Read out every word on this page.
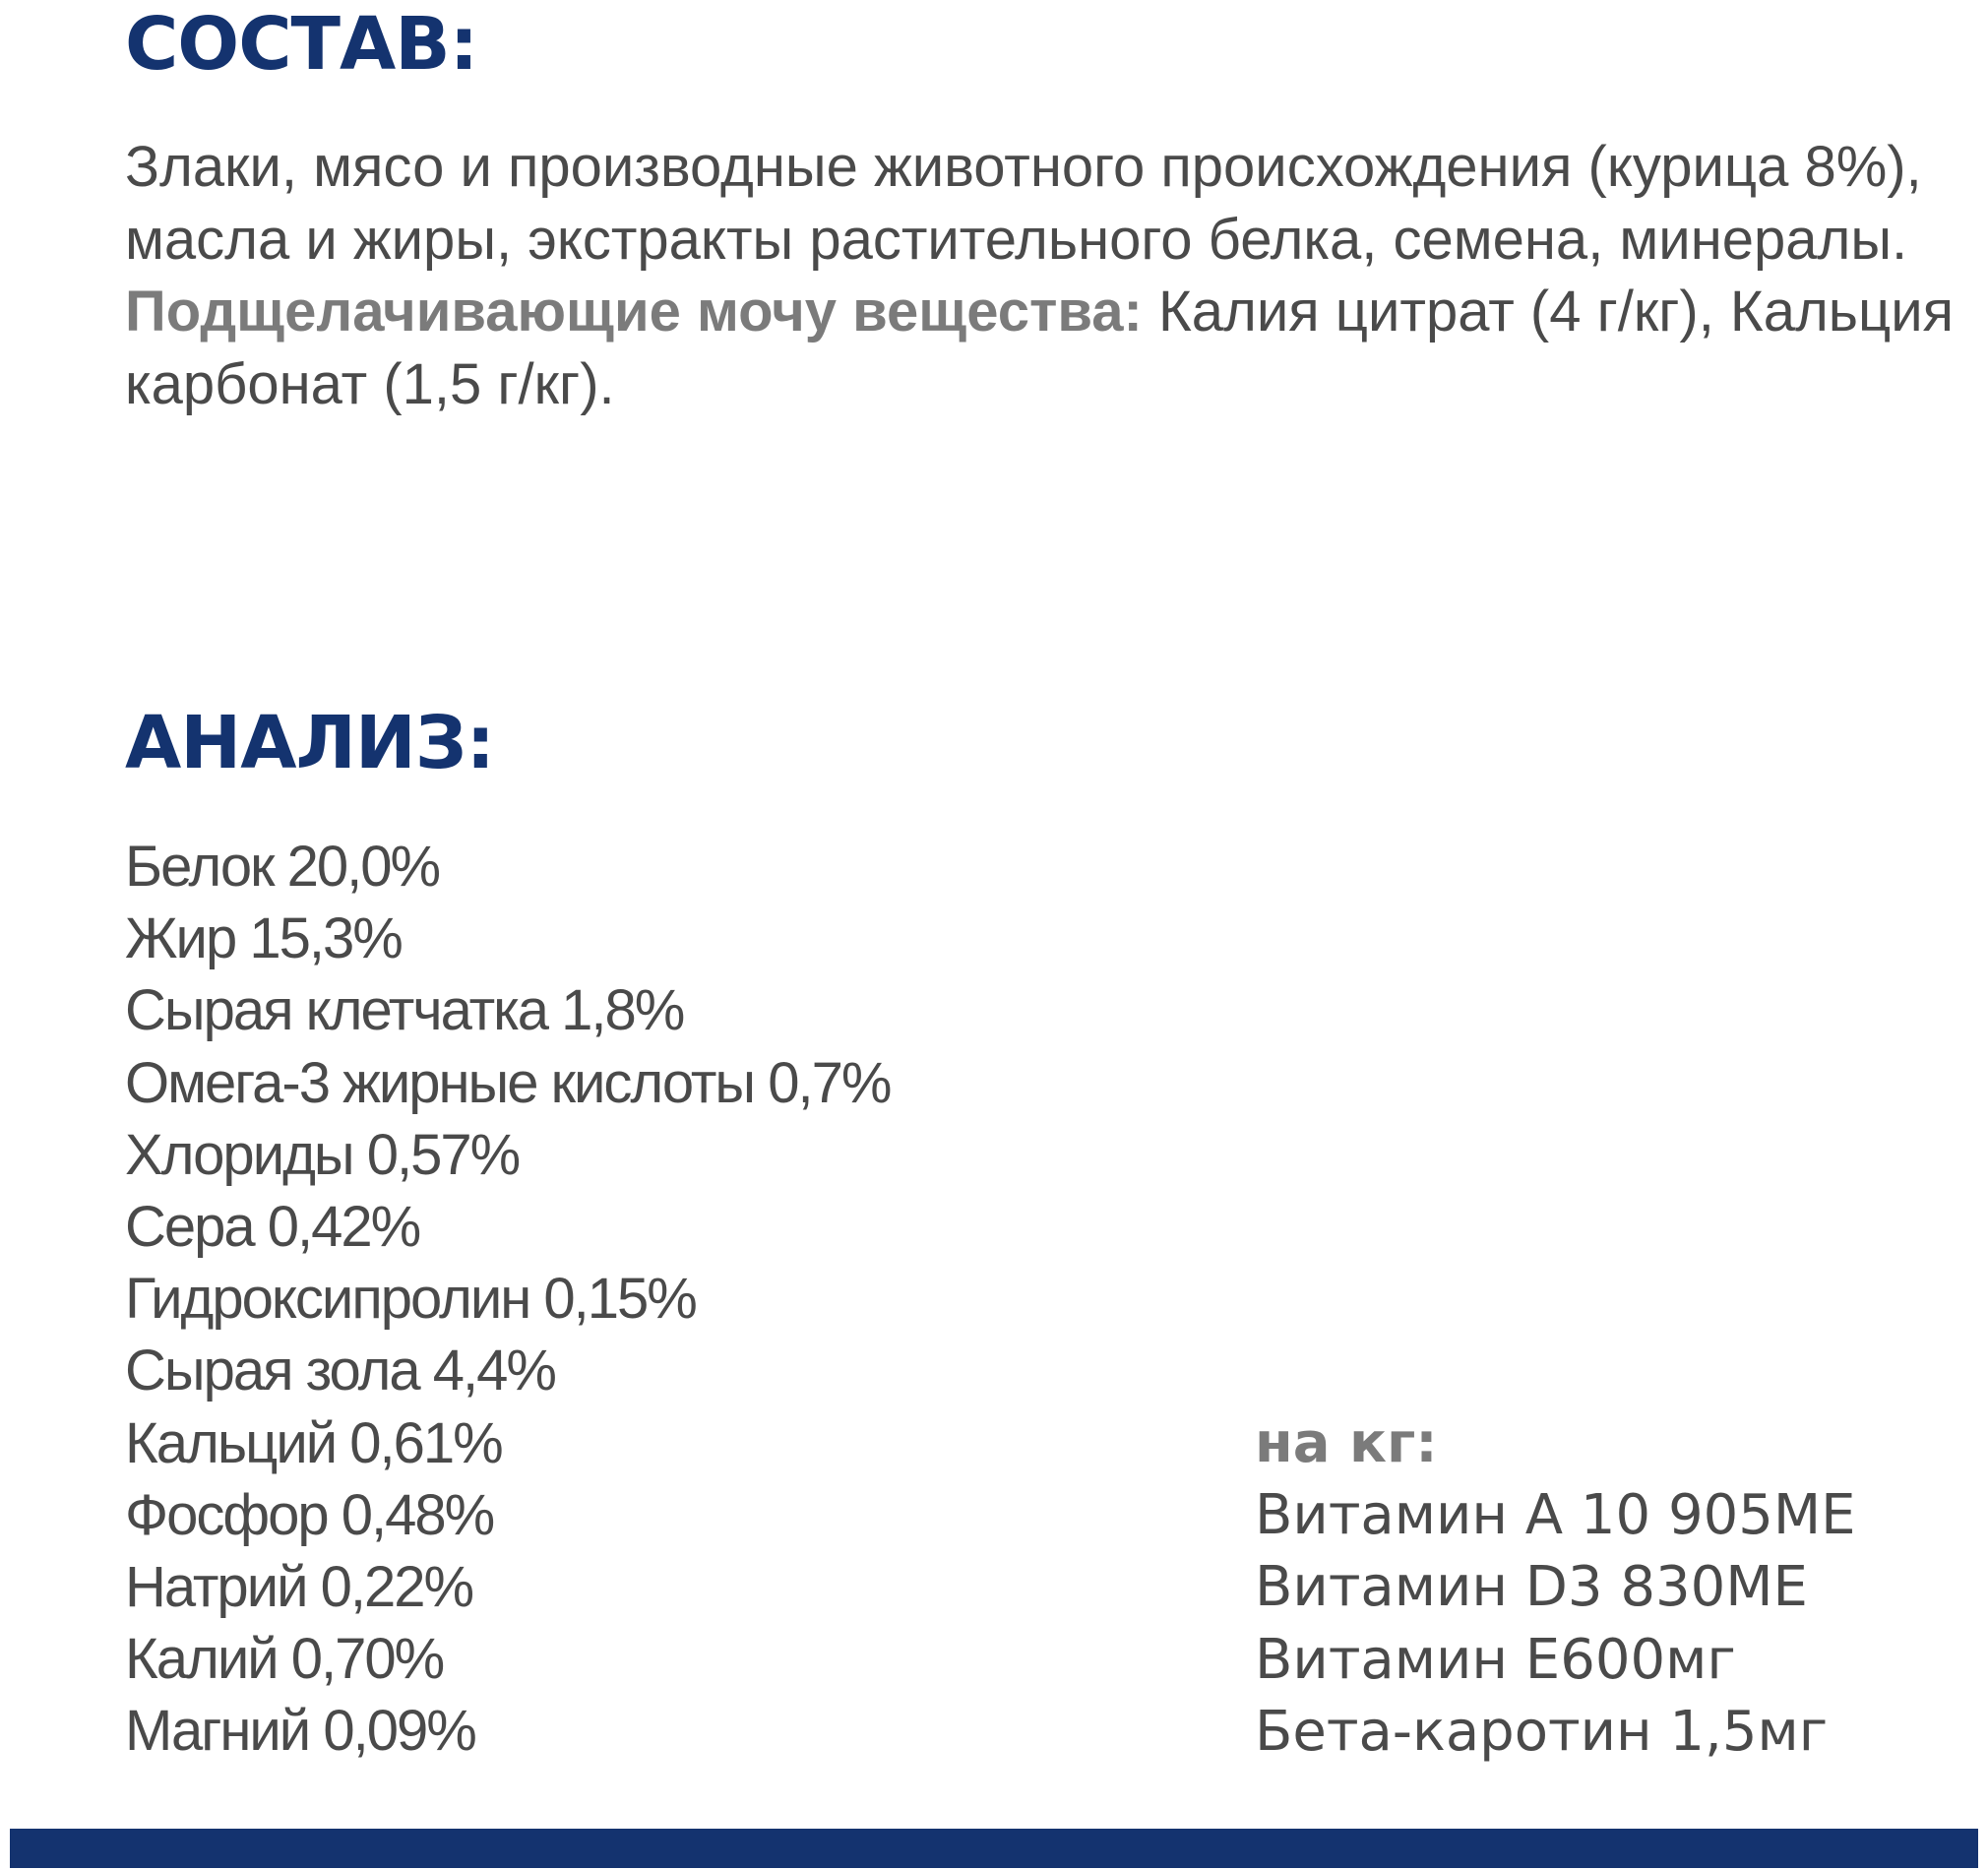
СОСТАВ:

Злаки, мясо и производные животного происхождения (курица 8%), масла и жиры, экстракты растительного белка, семена, минералы.
Подщелачивающие мочу вещества: Калия цитрат (4 г/кг), Кальция карбонат (1,5 г/кг).

АНАЛИЗ:
Белок 20,0%
Жир 15,3%
Сырая клетчатка 1,8%
Омега-3 жирные кислоты 0,7%
Хлориды 0,57%
Сера 0,42%
Гидроксипролин 0,15%
Сырая зола 4,4%
Кальций 0,61%
Фосфор 0,48%
Натрий 0,22%
Калий 0,70%
Магний 0,09%
на кг:
Витамин А 10 905МЕ
Витамин D3 830МЕ
Витамин Е600мг
Бета-каротин 1,5мг
